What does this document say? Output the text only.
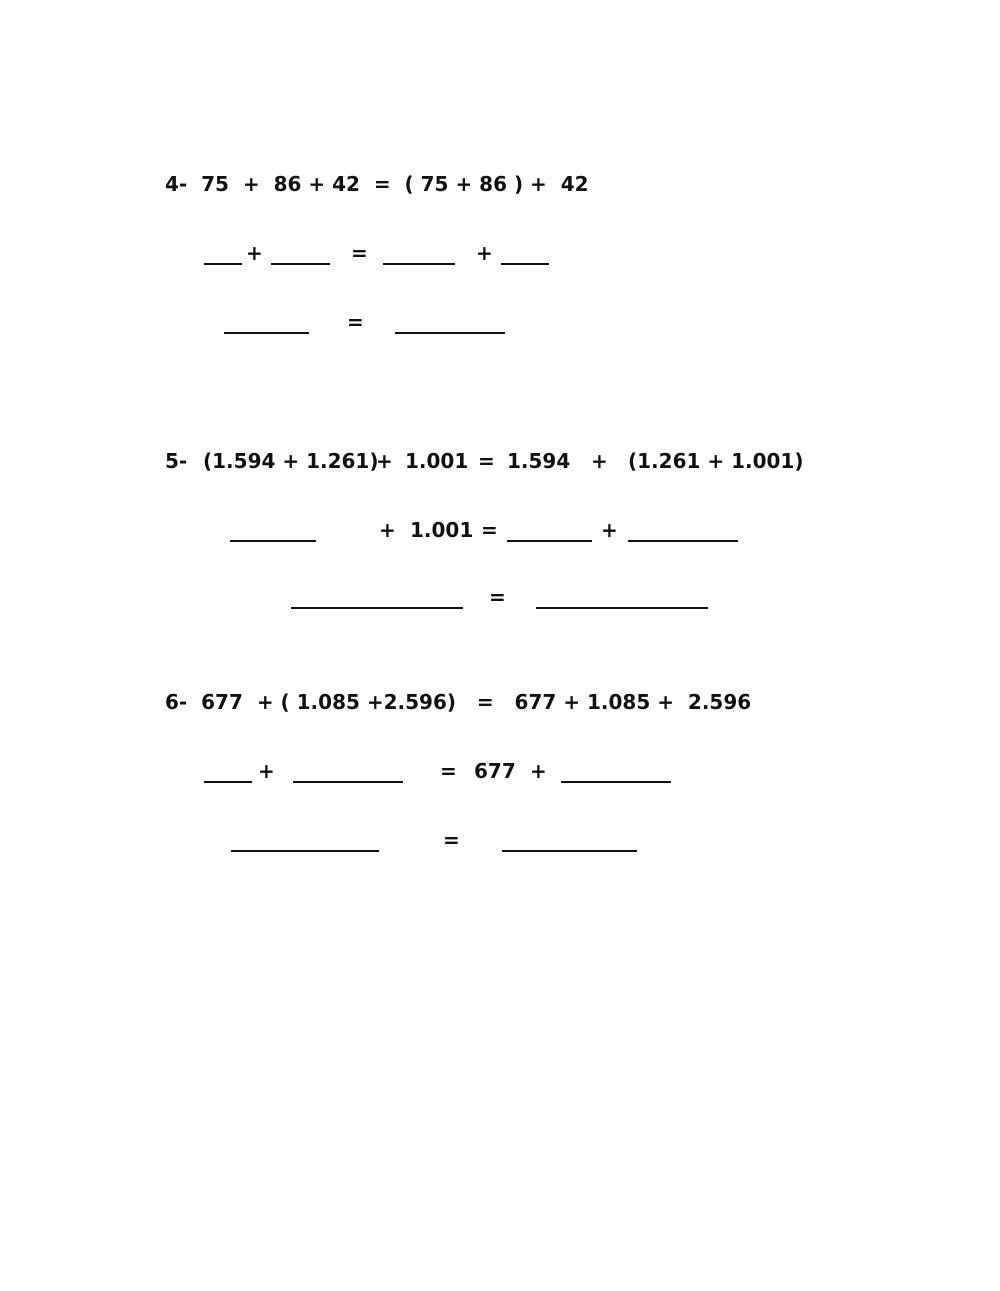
4-  75  +  86 + 42  =  ( 75 + 86 ) +  42
+	=	+
=
5- (1.594 + 1.261)
+ 1.001 = 1.594 + (1.261 + 1.001)
+ 1.001 =	+
=
6-  677  + ( 1.085 +2.596)   =   677 + 1.085 +  2.596
+	= 677 +
=
